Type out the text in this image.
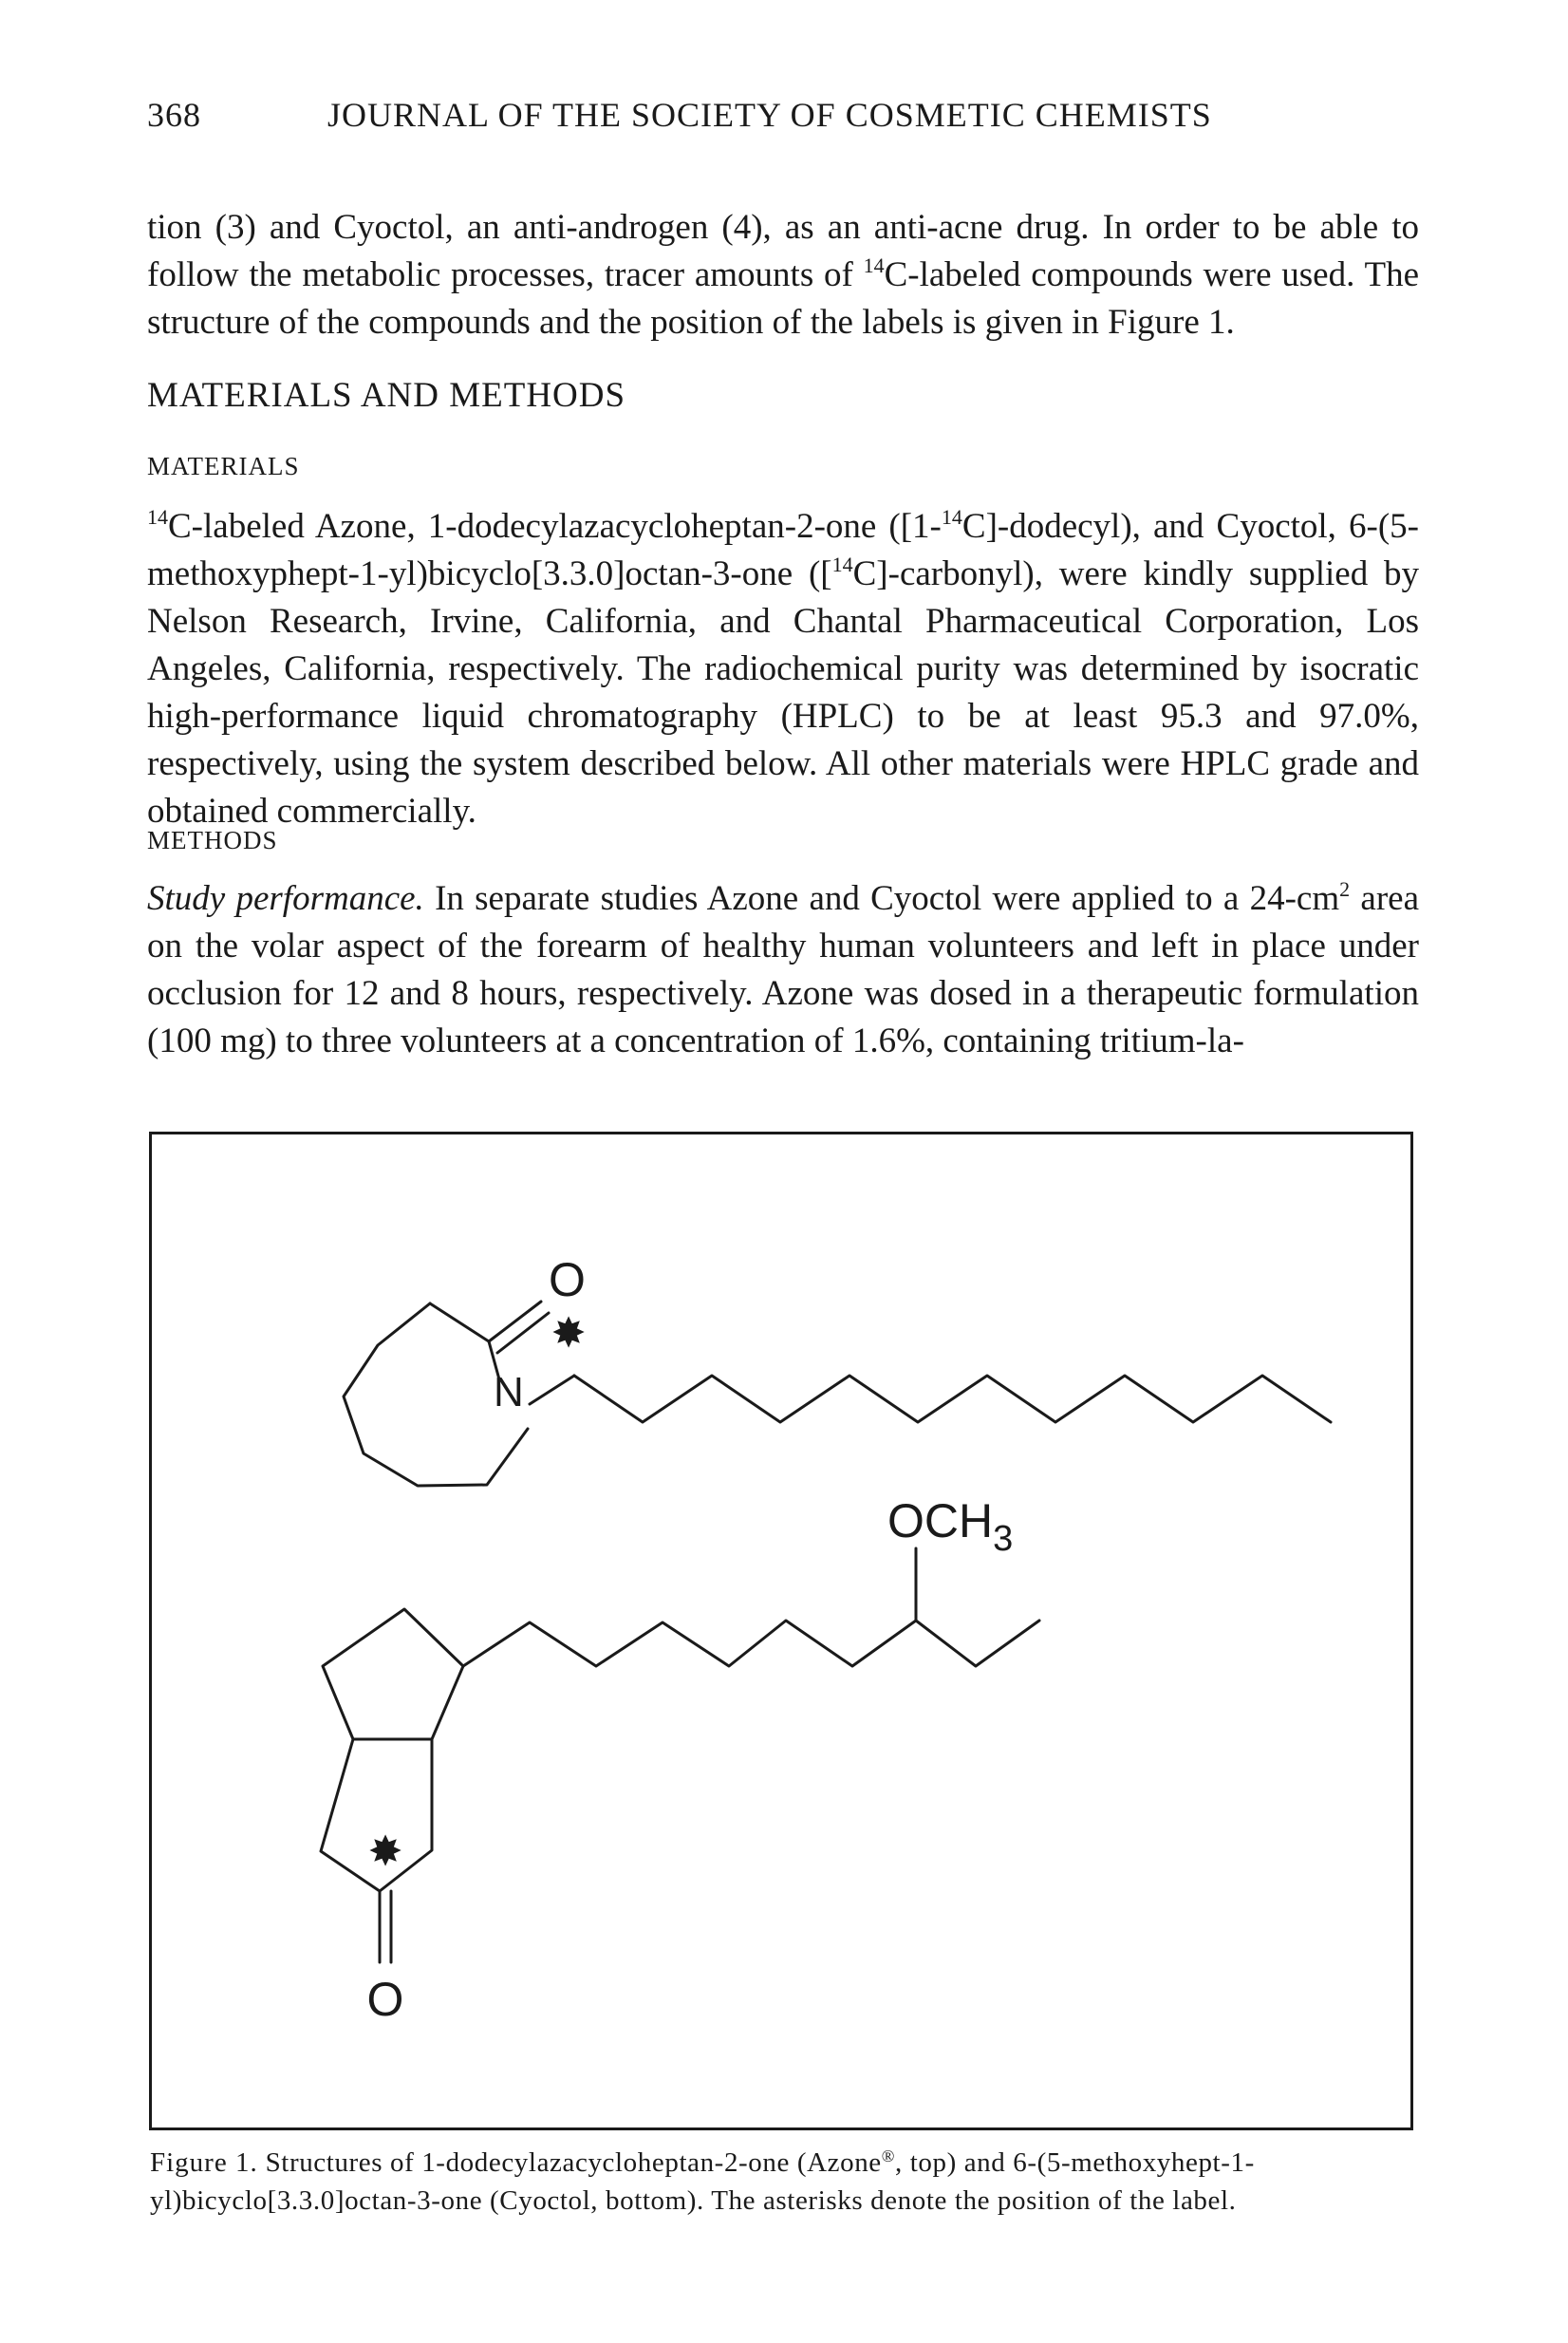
368	JOURNAL OF THE SOCIETY OF COSMETIC CHEMISTS

tion (3) and Cyoctol, an anti-androgen (4), as an anti-acne drug. In order to be able to follow the metabolic processes, tracer amounts of $^{14}$C-labeled compounds were used. The structure of the compounds and the position of the labels is given in Figure 1.

MATERIALS AND METHODS
MATERIALS

$^{14}$C-labeled Azone, 1-dodecylazacycloheptan-2-one ([1-$^{14}$C]-dodecyl), and Cyoctol, 6-(5-methoxyphept-1-yl)bicyclo[3.3.0]octan-3-one ([$^{14}$C]-carbonyl), were kindly supplied by Nelson Research, Irvine, California, and Chantal Pharmaceutical Corporation, Los Angeles, California, respectively. The radiochemical purity was determined by isocratic high-performance liquid chromatography (HPLC) to be at least 95.3 and 97.0%, respectively, using the system described below. All other materials were HPLC grade and obtained commercially.

METHODS

Study performance. In separate studies Azone and Cyoctol were applied to a $24-cm^2$ area on the volar aspect of the forearm of healthy human volunteers and left in place under occlusion for 12 and 8 hours, respectively. Azone was dosed in a therapeutic formulation (100 mg) to three volunteers at a concentration of 1.6%, containing tritium-la-

O
N
✸
$OCH_3$
O
✸

Figure 1. Structures of 1-dodecylazacycloheptan-2-one (Azone®, top) and 6-(5-methoxyhept-1-yl)bicyclo[3.3.0]octan-3-one (Cyoctol, bottom). The asterisks denote the position of the label.
